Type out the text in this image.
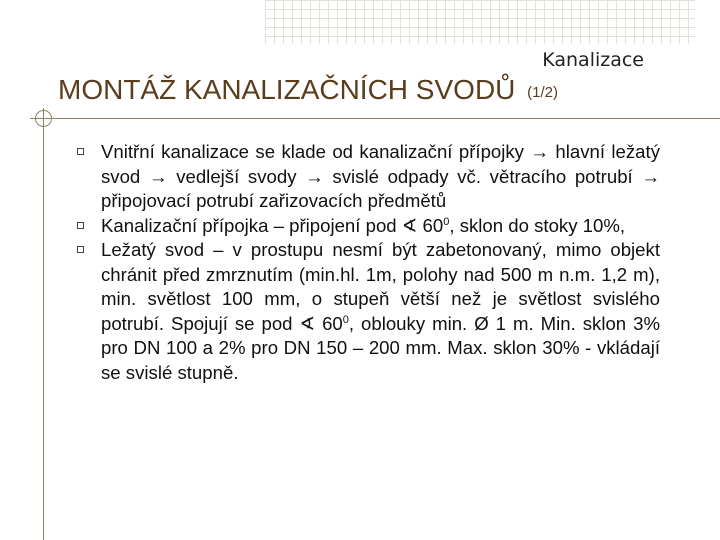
Kanalizace
MONTÁŽ KANALIZAČNÍCH SVODŮ (1/2)
Vnitřní kanalizace se klade od kanalizační přípojky → hlavní ležatý svod → vedlejší svody → svislé odpady vč. větracího potrubí → připojovací potrubí zařizovacích předmětů
Kanalizační přípojka – připojení pod ∢ $60^0$, sklon do stoky 10%,
Ležatý svod – v prostupu nesmí být zabetonovaný, mimo objekt chránit před zmrznutím (min.hl. 1m, polohy nad 500 m n.m. 1,2 m), min. světlost 100 mm, o stupeň větší než je světlost svislého potrubí. Spojují se pod ∢ $60^0$, oblouky min. Ø 1 m. Min. sklon 3% pro DN 100 a 2% pro DN 150 – 200 mm. Max. sklon 30% - vkládají se svislé stupně.
